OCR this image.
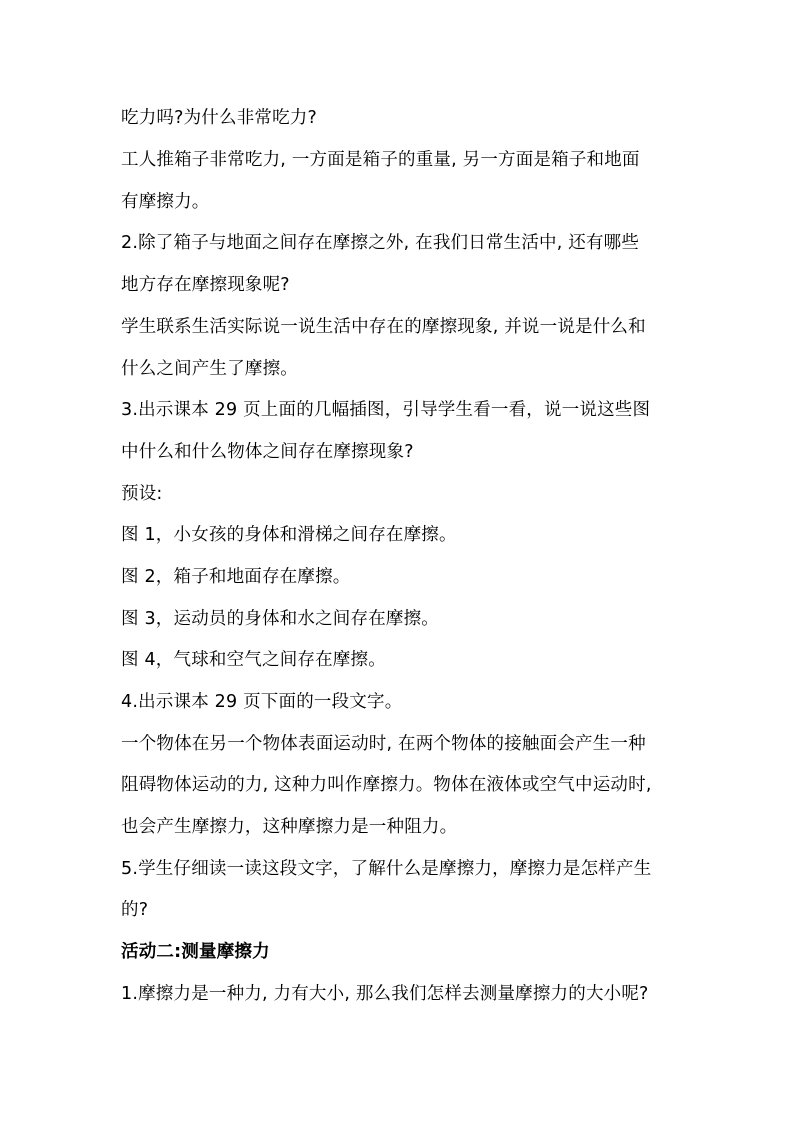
吃力吗?为什么非常吃力?
工人推箱子非常吃力, 一方面是箱子的重量, 另一方面是箱子和地面
有摩擦力。
2.除了箱子与地面之间存在摩擦之外, 在我们日常生活中, 还有哪些
地方存在摩擦现象呢?
学生联系生活实际说一说生活中存在的摩擦现象, 并说一说是什么和
什么之间产生了摩擦。
3.出示课本 29 页上面的几幅插图，引导学生看一看，说一说这些图
中什么和什么物体之间存在摩擦现象?
预设:
图 1，小女孩的身体和滑梯之间存在摩擦。
图 2，箱子和地面存在摩擦。
图 3，运动员的身体和水之间存在摩擦。
图 4，气球和空气之间存在摩擦。
4.出示课本 29 页下面的一段文字。
一个物体在另一个物体表面运动时, 在两个物体的接触面会产生一种
阻碍物体运动的力, 这种力叫作摩擦力。物体在液体或空气中运动时,
也会产生摩擦力，这种摩擦力是一种阻力。
5.学生仔细读一读这段文字，了解什么是摩擦力，摩擦力是怎样产生
的?
活动二:测量摩擦力
1.摩擦力是一种力, 力有大小, 那么我们怎样去测量摩擦力的大小呢?
